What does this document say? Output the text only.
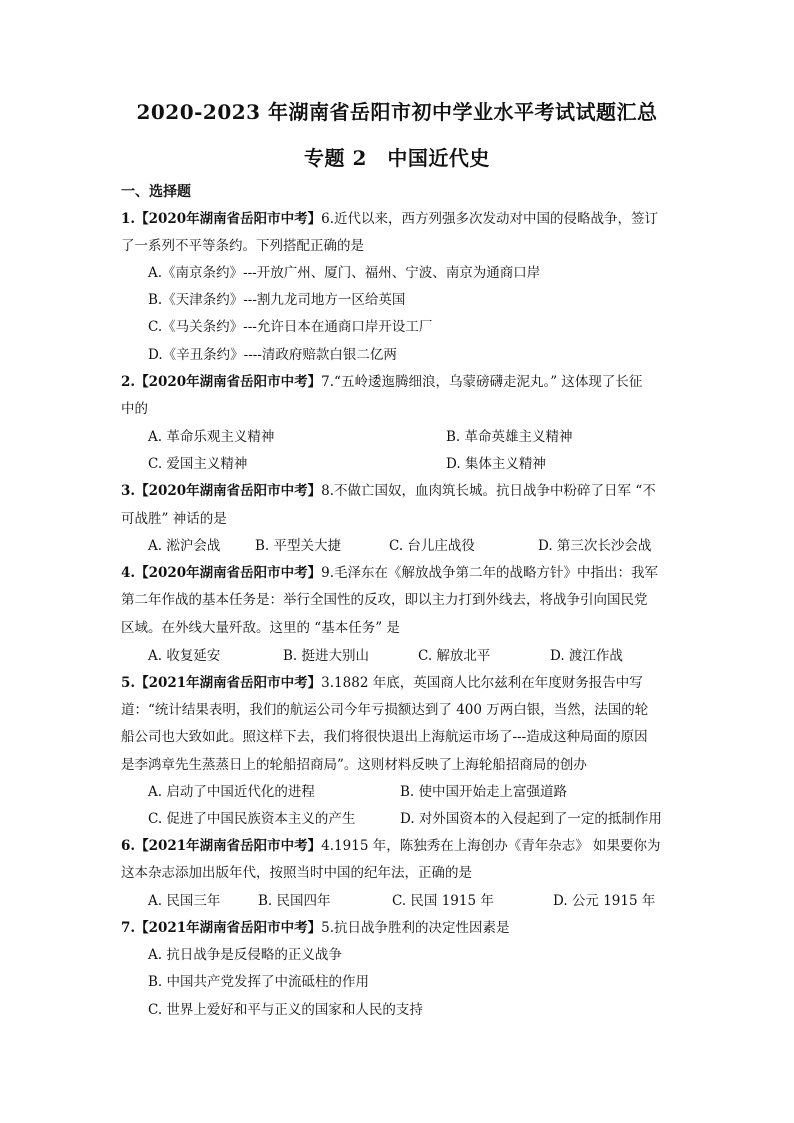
2020-2023 年湖南省岳阳市初中学业水平考试试题汇总
专题 2　中国近代史
一、选择题
1.【2020年湖南省岳阳市中考】6.近代以来，西方列强多次发动对中国的侵略战争，签订
了一系列不平等条约。下列搭配正确的是
A.《南京条约》---开放广州、厦门、福州、宁波、南京为通商口岸
B.《天津条约》---割九龙司地方一区给英国
C.《马关条约》---允许日本在通商口岸开设工厂
D.《辛丑条约》----清政府赔款白银二亿两
2.【2020年湖南省岳阳市中考】7.“五岭逶迤腾细浪，乌蒙磅礴走泥丸。” 这体现了长征
中的
A. 革命乐观主义精神	B. 革命英雄主义精神
C. 爱国主义精神	D. 集体主义精神
3.【2020年湖南省岳阳市中考】8.不做亡国奴，血肉筑长城。抗日战争中粉碎了日军 “不
可战胜” 神话的是
A. 淞沪会战	B. 平型关大捷	C. 台儿庄战役	D. 第三次长沙会战
4.【2020年湖南省岳阳市中考】9.毛泽东在《解放战争第二年的战略方针》中指出：我军
第二年作战的基本任务是：举行全国性的反攻，即以主力打到外线去，将战争引向国民党
区域。在外线大量歼敌。这里的 “基本任务” 是
A. 收复延安	B. 挺进大别山	C. 解放北平	D. 渡江作战
5.【2021年湖南省岳阳市中考】3.1882 年底，英国商人比尔兹利在年度财务报告中写
道：“统计结果表明，我们的航运公司今年亏损额达到了 400 万两白银，当然，法国的轮
船公司也大致如此。照这样下去，我们将很快退出上海航运市场了---造成这种局面的原因
是李鸿章先生蒸蒸日上的轮船招商局”。这则材料反映了上海轮船招商局的创办
A. 启动了中国近代化的进程	B. 使中国开始走上富强道路
C. 促进了中国民族资本主义的产生	D. 对外国资本的入侵起到了一定的抵制作用
6.【2021年湖南省岳阳市中考】4.1915 年，陈独秀在上海创办《青年杂志》 如果要你为
这本杂志添加出版年代，按照当时中国的纪年法，正确的是
A. 民国三年	B. 民国四年	C. 民国 1915 年	D. 公元 1915 年
7.【2021年湖南省岳阳市中考】5.抗日战争胜利的决定性因素是
A. 抗日战争是反侵略的正义战争
B. 中国共产党发挥了中流砥柱的作用
C. 世界上爱好和平与正义的国家和人民的支持
